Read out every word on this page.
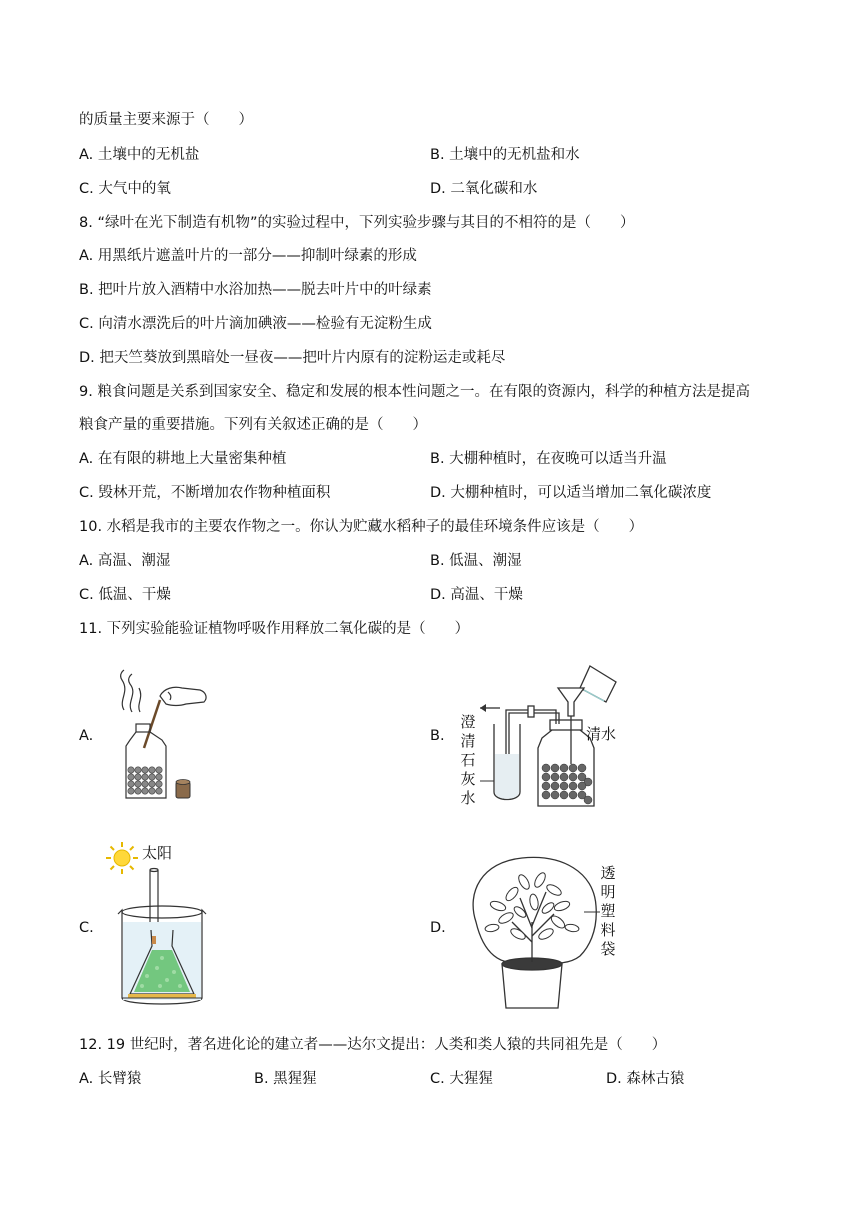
的质量主要来源于（　　）
A. 土壤中的无机盐	B. 土壤中的无机盐和水
C. 大气中的氧	D. 二氧化碳和水
8. “绿叶在光下制造有机物”的实验过程中，下列实验步骤与其目的不相符的是（　　）
A. 用黑纸片遮盖叶片的一部分——抑制叶绿素的形成
B. 把叶片放入酒精中水浴加热——脱去叶片中的叶绿素
C. 向清水漂洗后的叶片滴加碘液——检验有无淀粉生成
D. 把天竺葵放到黑暗处一昼夜——把叶片内原有的淀粉运走或耗尽
9. 粮食问题是关系到国家安全、稳定和发展的根本性问题之一。在有限的资源内，科学的种植方法是提高
粮食产量的重要措施。下列有关叙述正确的是（　　）
A. 在有限的耕地上大量密集种植	B. 大棚种植时，在夜晚可以适当升温
C. 毁林开荒，不断增加农作物种植面积	D. 大棚种植时，可以适当增加二氧化碳浓度
10. 水稻是我市的主要农作物之一。你认为贮藏水稻种子的最佳环境条件应该是（　　）
A. 高温、潮湿	B. 低温、潮湿
C. 低温、干燥	D. 高温、干燥
11. 下列实验能验证植物呼吸作用释放二氧化碳的是（　　）
A.	B.
C.	D.
澄清石灰水
清水
太阳
透明塑料袋
12. 19 世纪时，著名进化论的建立者——达尔文提出：人类和类人猿的共同祖先是（　　）
A. 长臂猿	B. 黑猩猩	C. 大猩猩	D. 森林古猿
